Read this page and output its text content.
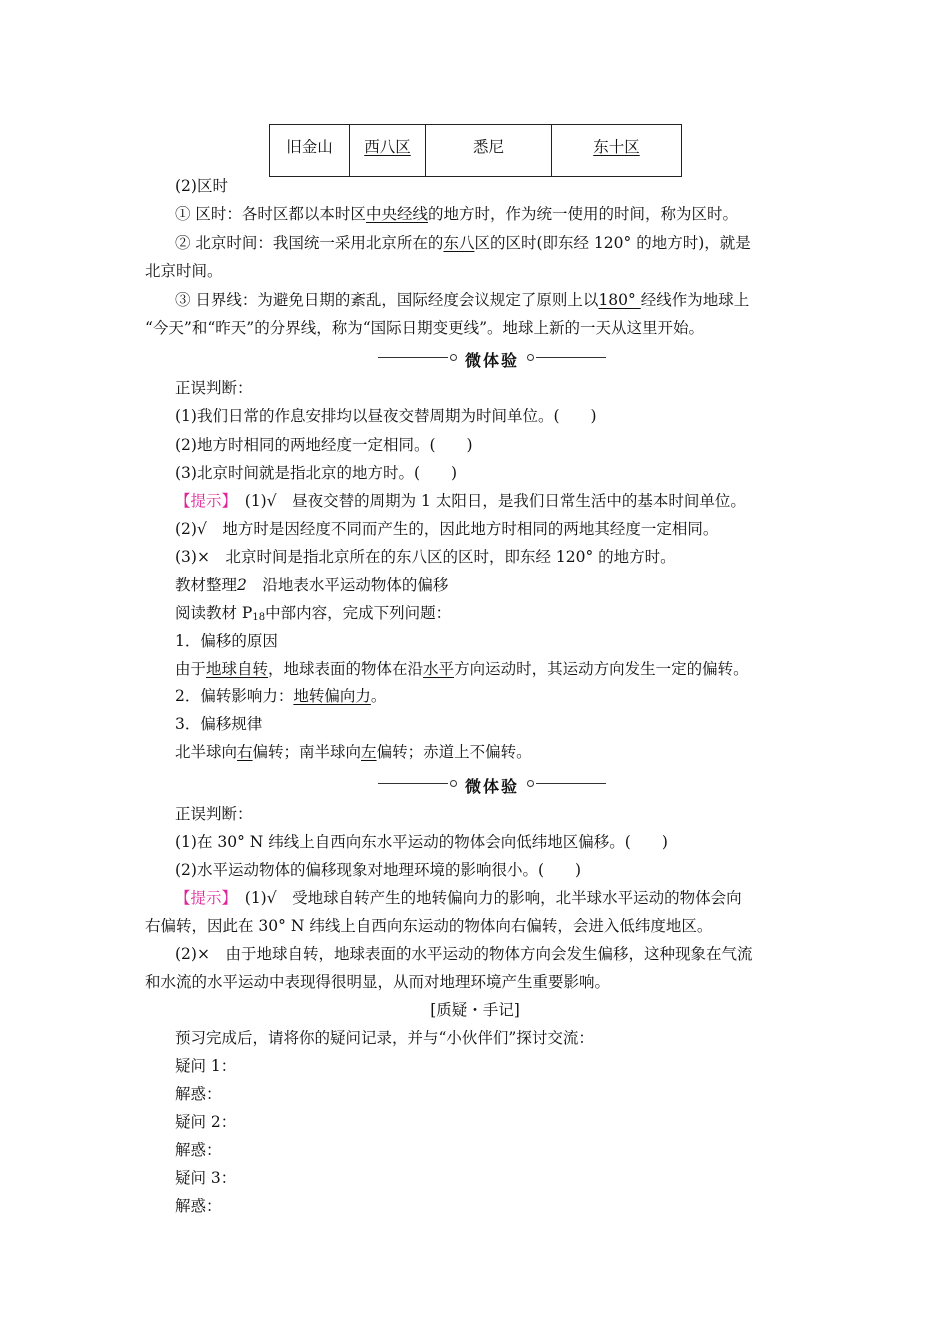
旧金山	西八区	悉尼	东十区
(2)区时
① 区时：各时区都以本时区中央经线的地方时，作为统一使用的时间，称为区时。
② 北京时间：我国统一采用北京所在的东八区的区时(即东经 120° 的地方时)，就是
北京时间。
③ 日界线：为避免日期的紊乱，国际经度会议规定了原则上以180° 经线作为地球上
“今天”和“昨天”的分界线，称为“国际日期变更线”。地球上新的一天从这里开始。
微体验
正误判断：
(1)我们日常的作息安排均以昼夜交替周期为时间单位。(　　)
(2)地方时相同的两地经度一定相同。(　　)
(3)北京时间就是指北京的地方时。(　　)
【提示】　(1)√　昼夜交替的周期为 1 太阳日，是我们日常生活中的基本时间单位。
(2)√　地方时是因经度不同而产生的，因此地方时相同的两地其经度一定相同。
(3)×　北京时间是指北京所在的东八区的区时，即东经 120° 的地方时。
教材整理2　沿地表水平运动物体的偏移
阅读教材 $P_{18}$中部内容，完成下列问题：
1．偏移的原因
由于地球自转，地球表面的物体在沿水平方向运动时，其运动方向发生一定的偏转。
2．偏转影响力：地转偏向力。
3．偏移规律
北半球向右偏转；南半球向左偏转；赤道上不偏转。
微体验
正误判断：
(1)在 30° N 纬线上自西向东水平运动的物体会向低纬地区偏移。(　　)
(2)水平运动物体的偏移现象对地理环境的影响很小。(　　)
【提示】　(1)√　受地球自转产生的地转偏向力的影响，北半球水平运动的物体会向
右偏转，因此在 30° N 纬线上自西向东运动的物体向右偏转，会进入低纬度地区。
(2)×　由于地球自转，地球表面的水平运动的物体方向会发生偏移，这种现象在气流
和水流的水平运动中表现得很明显，从而对地理环境产生重要影响。
[质疑・手记]
预习完成后，请将你的疑问记录，并与“小伙伴们”探讨交流：
疑问 1：
解惑：
疑问 2：
解惑：
疑问 3：
解惑：
